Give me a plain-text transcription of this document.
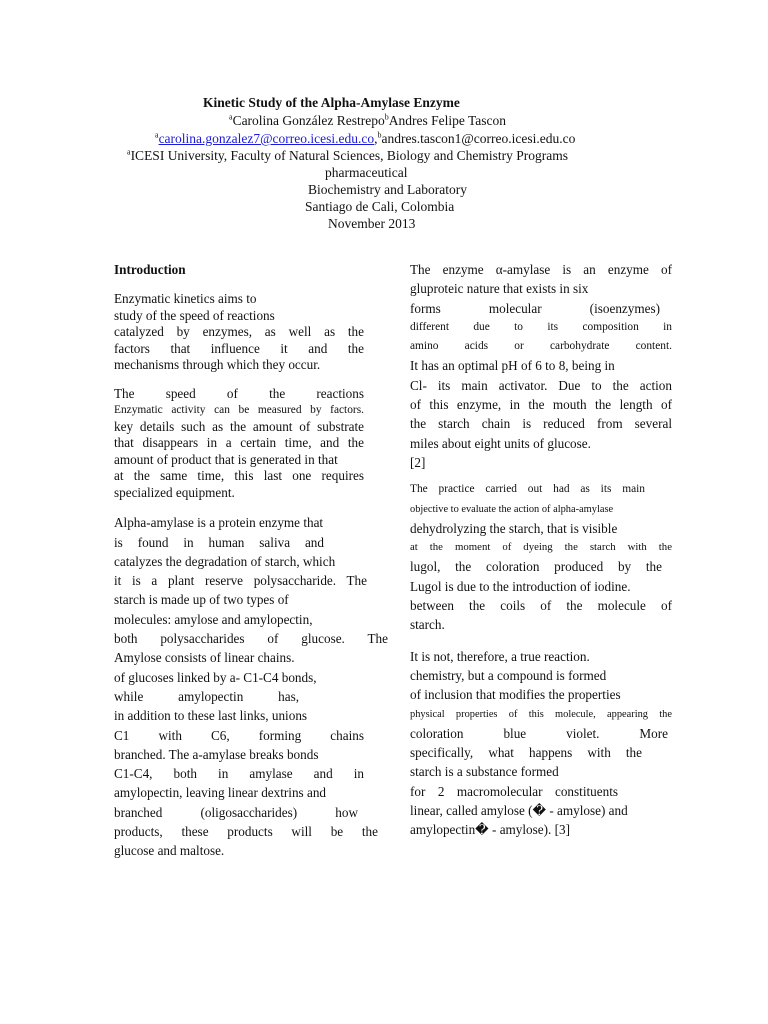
Kinetic Study of the Alpha-Amylase Enzyme
$^a$Carolina González Restrepo$^b$Andres Felipe Tascon
$^a$carolina.gonzalez7@correo.icesi.edu.co,$^b$andres.tascon1@correo.icesi.edu.co
$^a$ICESI University, Faculty of Natural Sciences, Biology and Chemistry Programs
pharmaceutical
Biochemistry and Laboratory
Santiago de Cali, Colombia
November 2013
Introduction
Enzymatic kinetics aims to
study of the speed of reactions
catalyzed by enzymes, as well as the
factors that influence it and the
mechanisms through which they occur.
The speed of the reactions
Enzymatic activity can be measured by factors.
key details such as the amount of substrate
that disappears in a certain time, and the
amount of product that is generated in that
at the same time, this last one requires
specialized equipment.
Alpha-amylase is a protein enzyme that
is found in human saliva and
catalyzes the degradation of starch, which
it is a plant reserve polysaccharide. The
starch is made up of two types of
molecules: amylose and amylopectin,
both polysaccharides of glucose. The
Amylose consists of linear chains.
of glucoses linked by a- C1-C4 bonds,
while amylopectin has,
in addition to these last links, unions
C1 with C6, forming chains
branched. The a-amylase breaks bonds
C1-C4, both in amylase and in
amylopectin, leaving linear dextrins and
branched (oligosaccharides) how
products, these products will be the
glucose and maltose.
The enzyme α-amylase is an enzyme of
gluproteic nature that exists in six
forms molecular (isoenzymes)
different due to its composition in
amino acids or carbohydrate content.
It has an optimal pH of 6 to 8, being in
Cl- its main activator. Due to the action
of this enzyme, in the mouth the length of
the starch chain is reduced from several
miles about eight units of glucose.
[2]
The practice carried out had as its main
objective to evaluate the action of alpha-amylase
dehydrolyzing the starch, that is visible
at the moment of dyeing the starch with the
lugol, the coloration produced by the
Lugol is due to the introduction of iodine.
between the coils of the molecule of
starch.
It is not, therefore, a true reaction.
chemistry, but a compound is formed
of inclusion that modifies the properties
physical properties of this molecule, appearing the
coloration blue violet. More
specifically, what happens with the
starch is a substance formed
for 2 macromolecular constituents
linear, called amylose (� - amylose) and
amylopectin� - amylose). [3]
